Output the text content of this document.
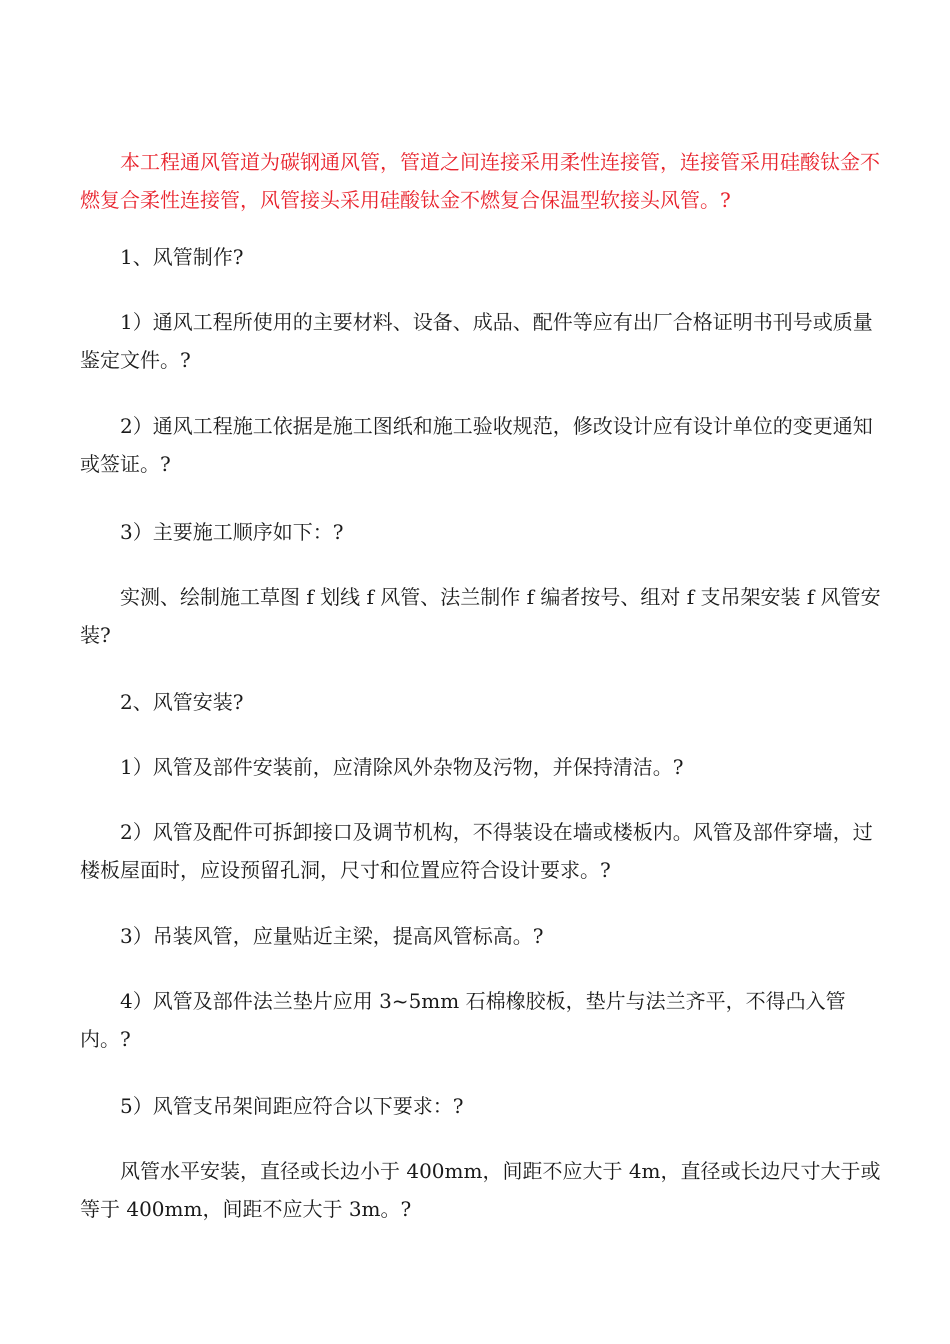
本工程通风管道为碳钢通风管，管道之间连接采用柔性连接管，连接管采用硅酸钛金不燃复合柔性连接管，风管接头采用硅酸钛金不燃复合保温型软接头风管。?

1、风管制作?

1）通风工程所使用的主要材料、设备、成品、配件等应有出厂合格证明书刊号或质量鉴定文件。?

2）通风工程施工依据是施工图纸和施工验收规范，修改设计应有设计单位的变更通知或签证。?

3）主要施工顺序如下：?

实测、绘制施工草图 f 划线 f 风管、法兰制作 f 编者按号、组对 f 支吊架安装 f 风管安装?

2、风管安装?

1）风管及部件安装前，应清除风外杂物及污物，并保持清洁。?

2）风管及配件可拆卸接口及调节机构，不得装设在墙或楼板内。风管及部件穿墙，过楼板屋面时，应设预留孔洞，尺寸和位置应符合设计要求。?

3）吊装风管，应量贴近主梁，提高风管标高。?

4）风管及部件法兰垫片应用 3~5mm 石棉橡胶板，垫片与法兰齐平，不得凸入管内。?

5）风管支吊架间距应符合以下要求：?

风管水平安装，直径或长边小于 400mm，间距不应大于 4m，直径或长边尺寸大于或等于 400mm，间距不应大于 3m。?
